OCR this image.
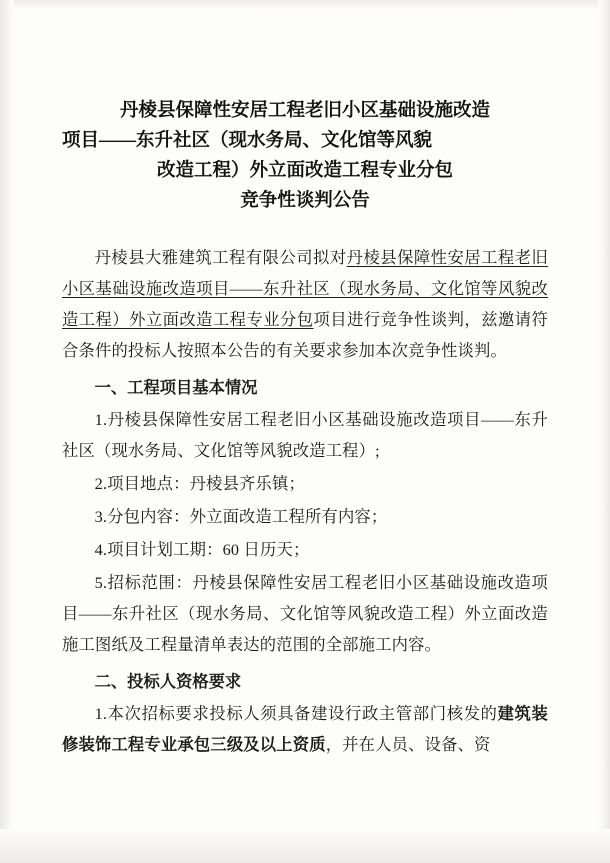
丹棱县保障性安居工程老旧小区基础设施改造
项目——东升社区（现水务局、文化馆等风貌
改造工程）外立面改造工程专业分包
竞争性谈判公告

丹棱县大雅建筑工程有限公司拟对丹棱县保障性安居工程老旧小区基础设施改造项目——东升社区（现水务局、文化馆等风貌改造工程）外立面改造工程专业分包项目进行竞争性谈判，兹邀请符合条件的投标人按照本公告的有关要求参加本次竞争性谈判。

一、工程项目基本情况

1.丹棱县保障性安居工程老旧小区基础设施改造项目——东升社区（现水务局、文化馆等风貌改造工程）;

2.项目地点：丹棱县齐乐镇；

3.分包内容：外立面改造工程所有内容；

4.项目计划工期：60 日历天；

5.招标范围：丹棱县保障性安居工程老旧小区基础设施改造项目——东升社区（现水务局、文化馆等风貌改造工程）外立面改造施工图纸及工程量清单表达的范围的全部施工内容。

二、投标人资格要求

1.本次招标要求投标人须具备建设行政主管部门核发的建筑装修装饰工程专业承包三级及以上资质，并在人员、设备、资
